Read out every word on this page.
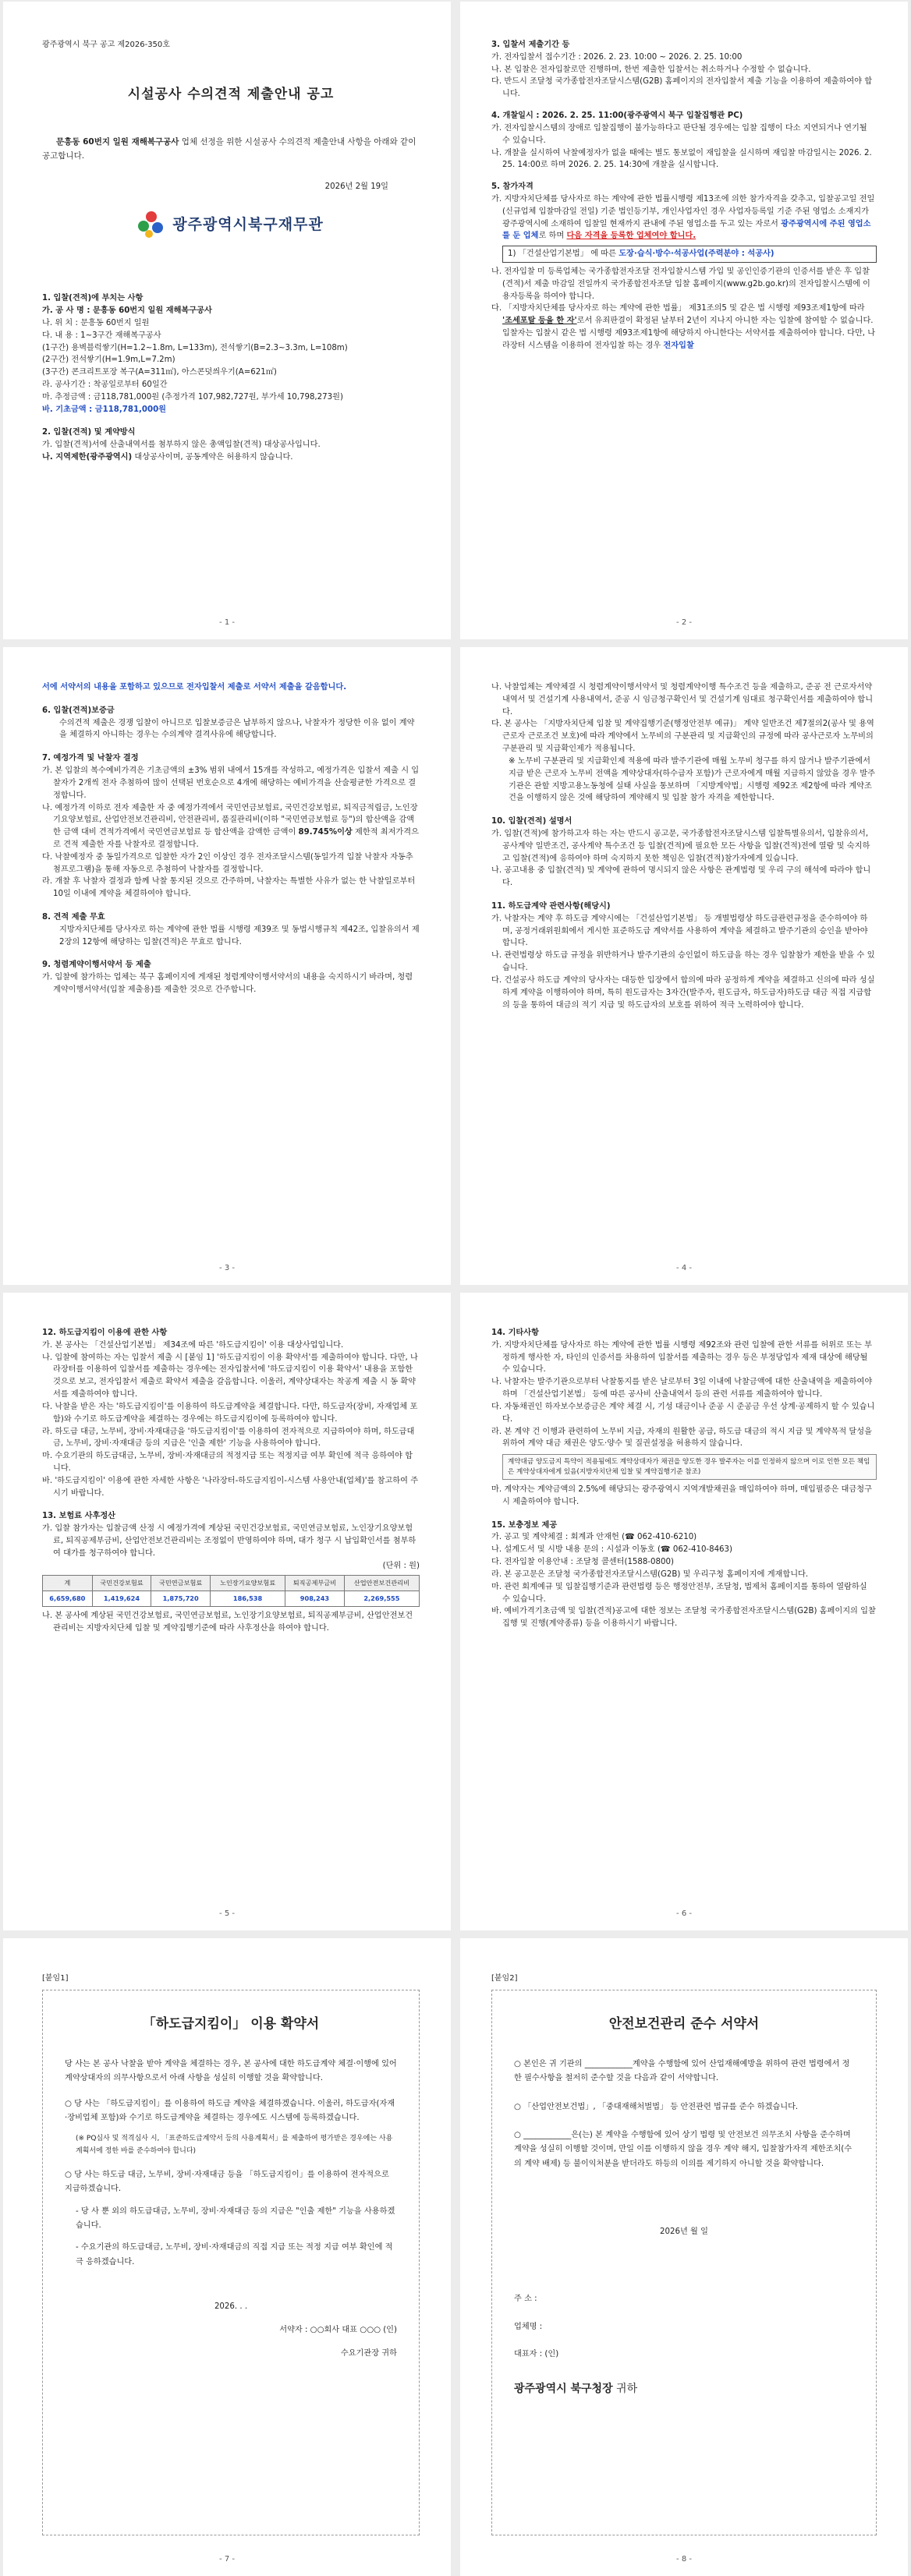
광주광역시 북구 공고 제2026-350호
시설공사 수의견적 제출안내 공고
문흥동 60번지 일원 재해복구공사 업체 선정을 위한 시설공사 수의견적 제출안내 사항을 아래와 같이 공고합니다.
2026년 2월 19일
광주광역시북구재무관
1. 입찰(견적)에 부치는 사항
가. 공 사 명 : 문흥동 60번지 일원 재해복구공사
나. 위 치 : 문흥동 60번지 일원
다. 내 용 : 1~3구간 재해복구공사
(1구간) 용벽블럭쌓기(H=1.2~1.8m, L=133m), 전석쌓기(B=2.3~3.3m, L=108m)
(2구간) 전석쌓기(H=1.9m,L=7.2m)
(3구간) 콘크리트포장 복구(A=311㎡), 아스콘덧씌우기(A=621㎡)
라. 공사기간 : 착공일로부터 60일간
마. 추정금액 : 금118,781,000원 (추정가격 107,982,727원, 부가세 10,798,273원)
바. 기초금액 : 금118,781,000원
2. 입찰(견적) 및 계약방식
가. 입찰(견적)서에 산출내역서를 첨부하지 않은 총액입찰(견적) 대상공사입니다.
나. 지역제한(광주광역시) 대상공사이며, 공동계약은 허용하지 않습니다.
- 1 -
3. 입찰서 제출기간 등
가. 전자입찰서 접수기간 : 2026. 2. 23. 10:00 ~ 2026. 2. 25. 10:00
나. 본 입찰은 전자입찰로만 진행하며, 한번 제출한 입찰서는 취소하거나 수정할 수 없습니다.
다. 반드시 조달청 국가종합전자조달시스템(G2B) 홈페이지의 전자입찰서 제출 기능을 이용하여 제출하여야 합니다.
4. 개찰일시 : 2026. 2. 25. 11:00(광주광역시 북구 입찰집행관 PC)
가. 전자입찰시스템의 장애로 입찰집행이 불가능하다고 판단될 경우에는 입찰 집행이 다소 지연되거나 연기될 수 있습니다.
나. 개찰을 실시하여 낙찰예정자가 없을 때에는 별도 통보없이 재입찰을 실시하며 재입찰 마감일시는 2026. 2. 25. 14:00로 하며 2026. 2. 25. 14:30에 개찰을 실시합니다.
5. 참가자격
가. 지방자치단체를 당사자로 하는 계약에 관한 법률시행령 제13조에 의한 참가자격을 갖추고, 입찰공고일 전일(신규업체 입찰마감일 전일) 기준 법인등기부, 개인사업자인 경우 사업자등록일 기준 주된 영업소 소재지가 광주광역시에 소재하여 입찰일 현재까지 관내에 주된 영업소를 두고 있는 자로서 광주광역시에 주된 영업소를 둔 업체로 하며 다음 자격을 등록한 업체여야 합니다.
1) 「건설산업기본법」 에 따른 도장·습식·방수·석공사업(주력분야 : 석공사)
나. 전자입찰 미 등록업체는 국가종합전자조달 전자입찰시스템 가입 및 공인인증기관의 인증서를 받은 후 입찰(견적)서 제출 마감일 전일까지 국가종합전자조달 입찰 홈페이지(www.g2b.go.kr)의 전자입찰시스템에 이용자등록을 하여야 합니다.
다. 「지방자치단체를 당사자로 하는 계약에 관한 법률」 제31조의5 및 같은 법 시행령 제93조제1항에 따라 '조세포탈 등을 한 자'로서 유죄판결이 확정된 날부터 2년이 지나지 아니한 자는 입찰에 참여할 수 없습니다. 입찰자는 입찰시 같은 법 시행령 제93조제1항에 해당하지 아니한다는 서약서를 제출하여야 합니다. 다만, 나라장터 시스템을 이용하여 전자입찰 하는 경우 전자입찰
- 2 -
서에 서약서의 내용을 포함하고 있으므로 전자입찰서 제출로 서약서 제출을 갈음합니다.
6. 입찰(견적)보증금
수의견적 제출은 경쟁 입찰이 아니므로 입찰보증금은 납부하지 않으나, 낙찰자가 정당한 이유 없이 계약을 체결하지 아니하는 경우는 수의계약 결격사유에 해당합니다.
7. 예정가격 및 낙찰자 결정
가. 본 입찰의 복수예비가격은 기초금액의 ±3% 범위 내에서 15개를 작성하고, 예정가격은 입찰서 제출 시 입찰자가 2개씩 전자 추첨하여 많이 선택된 번호순으로 4개에 해당하는 예비가격을 산술평균한 가격으로 결정합니다.
나. 예정가격 이하로 전자 제출한 자 중 예정가격에서 국민연금보험료, 국민건강보험료, 퇴직금적립금, 노인장기요양보험료, 산업안전보건관리비, 안전관리비, 품질관리비(이하 "국민연금보험료 등")의 합산액을 감액한 금액 대비 견적가격에서 국민연금보험료 등 합산액을 감액한 금액이 89.745%이상 제한적 최저가격으로 견적 제출한 자를 낙찰자로 결정합니다.
다. 낙찰예정자 중 동일가격으로 입찰한 자가 2인 이상인 경우 전자조달시스템(동일가격 입찰 낙찰자 자동추첨프로그램)을 통해 자동으로 추첨하여 낙찰자를 결정합니다.
라. 개찰 후 낙찰자 결정과 함께 낙찰 통지된 것으로 간주하며, 낙찰자는 특별한 사유가 없는 한 낙찰일로부터 10일 이내에 계약을 체결하여야 합니다.
8. 견적 제출 무효
지방자치단체를 당사자로 하는 계약에 관한 법률 시행령 제39조 및 동법시행규칙 제42조, 입찰유의서 제2장의 12항에 해당하는 입찰(견적)은 무효로 합니다.
9. 청렴계약이행서약서 등 제출
가. 입찰에 참가하는 업체는 북구 홈페이지에 게재된 청렴계약이행서약서의 내용을 숙지하시기 바라며, 청렴계약이행서약서(입찰 제출용)를 제출한 것으로 간주합니다.
- 3 -
나. 낙찰업체는 계약체결 시 청렴계약이행서약서 및 청렴계약이행 특수조건 등을 제출하고, 준공 전 근로자서약내역서 및 건설기계 사용내역서, 준공 시 임금청구확인서 및 건설기계 임대료 청구확인서를 제출하여야 합니다.
다. 본 공사는 「지방자치단체 입찰 및 계약집행기준(행정안전부 예규)」 계약 일반조건 제7절의2(공사 및 용역근로자 근로조건 보호)에 따라 계약에서 노무비의 구분관리 및 지급확인의 규정에 따라 공사근로자 노무비의 구분관리 및 지급확인제가 적용됩니다.
※ 노무비 구분관리 및 지급확인제 적용에 따라 발주기관에 매월 노무비 청구를 하지 않거나 발주기관에서 지급 받은 근로자 노무비 전액을 계약상대자(하수급자 포함)가 근로자에게 매월 지급하지 않았을 경우 발주기관은 관할 지방고용노동청에 실태 사실을 통보하며 「지방계약법」시행령 제92조 제2항에 따라 계약조건을 이행하지 않은 것에 해당하여 계약해지 및 입찰 참가 자격을 제한합니다.
10. 입찰(견적) 설명서
가. 입찰(견적)에 참가하고자 하는 자는 반드시 공고문, 국가종합전자조달시스템 입찰특별유의서, 입찰유의서, 공사계약 일반조건, 공사계약 특수조건 등 입찰(견적)에 필요한 모든 사항을 입찰(견적)전에 열람 및 숙지하고 입찰(견적)에 응하여야 하며 숙지하지 못한 책임은 입찰(견적)참가자에게 있습니다.
나. 공고내용 중 입찰(견적) 및 계약에 관하여 명시되지 않은 사항은 관계법령 및 우리 구의 해석에 따라야 합니다.
11. 하도급계약 관련사항(해당시)
가. 낙찰자는 계약 후 하도급 계약시에는 「건설산업기본법」 등 개별법령상 하도급관련규정을 준수하여야 하며, 공정거래위원회에서 게시한 표준하도급 계약서를 사용하여 계약을 체결하고 발주기관의 승인을 받아야 합니다.
나. 관련법령상 하도급 규정을 위반하거나 발주기관의 승인없이 하도급을 하는 경우 입찰참가 제한을 받을 수 있습니다.
다. 건설공사 하도급 계약의 당사자는 대등한 입장에서 합의에 따라 공정하게 계약을 체결하고 신의에 따라 성실하게 계약을 이행하여야 하며, 특히 원도급자는 3자간(발주자, 원도급자, 하도급자)하도급 대금 직접 지급합의 등을 통하여 대금의 적기 지급 및 하도급자의 보호를 위하여 적극 노력하여야 합니다.
- 4 -
12. 하도급지킴이 이용에 관한 사항
가. 본 공사는 「건설산업기본법」 제34조에 따른 '하도급지킴이' 이용 대상사업입니다.
나. 입찰에 참여하는 자는 입찰서 제출 시 [붙임 1] '하도급지킴이 이용 확약서'를 제출하여야 합니다. 다만, 나라장터를 이용하여 입찰서를 제출하는 경우에는 전자입찰서에 '하도급지킴이 이용 확약서' 내용을 포함한 것으로 보고, 전자입찰서 제출로 확약서 제출을 갈음합니다. 이울러, 계약상대자는 착공계 제출 시 동 확약서를 제출하여야 합니다.
다. 낙찰을 받은 자는 '하도급지킴이'를 이용하여 하도급계약을 체결합니다. 다만, 하도급자(장비, 자재업체 포함)와 수기로 하도급계약을 체결하는 경우에는 하도급지킴이에 등록하여야 합니다.
라. 하도급 대금, 노무비, 장비·자재대금을 '하도급지킴이'를 이용하여 전자적으로 지급하여야 하며, 하도급대금, 노무비, 장비·자재대금 등의 지급은 '인출 제한' 기능을 사용하여야 합니다.
마. 수요기관의 하도급대금, 노무비, 장비·자재대금의 적정지급 또는 적정지급 여부 확인에 적극 응하여야 합니다.
바. '하도급지킴이' 이용에 관한 자세한 사항은 '나라장터-하도급지킴이-시스템 사용안내(업체)'를 참고하여 주시기 바랍니다.
13. 보험료 사후정산
가. 입찰 참가자는 입찰금액 산정 시 예정가격에 계상된 국민건강보험료, 국민연금보험료, 노인장기요양보험료, 퇴직공제부금비, 산업안전보건관리비는 조정없이 반영하여야 하며, 대가 청구 시 납입확인서를 첨부하여 대가를 청구하여야 합니다.
(단위 : 원)
계	국민건강보험료	국민연금보험료	노인장기요양보험료	퇴직공제부금비	산업안전보건관리비
6,659,680	1,419,624	1,875,720	186,538	908,243	2,269,555
나. 본 공사에 계상된 국민건강보험료, 국민연금보험료, 노인장기요양보험료, 퇴직공제부금비, 산업안전보건관리비는 지방자치단체 입찰 및 계약집행기준에 따라 사후정산을 하여야 합니다.
- 5 -
14. 기타사항
가. 지방자치단체를 당사자로 하는 계약에 관한 법률 시행령 제92조와 관련 입찰에 관한 서류를 허위로 또는 부정하게 행사한 자, 타인의 인증서를 차용하여 입찰서를 제출하는 경우 등은 부정당업자 제재 대상에 해당될 수 있습니다.
나. 낙찰자는 발주기관으로부터 낙찰통지를 받은 날로부터 3일 이내에 낙찰금액에 대한 산출내역을 제출하여야 하며 「건설산업기본법」 등에 따른 공사비 산출내역서 등의 관련 서류를 제출하여야 합니다.
다. 자동채권인 하자보수보증금은 계약 체결 시, 기성 대금이나 준공 시 준공금 우선 상계·공제하지 할 수 있습니다.
라. 본 계약 건 이행과 관련하여 노무비 지급, 자재의 원활한 공급, 하도급 대금의 적시 지급 및 계약목적 달성을 위하여 계약 대금 채권은 양도·양수 및 질권설정을 허용하지 않습니다.
계약대금 양도금지 특약이 적용됨에도 계약상대자가 채권을 양도한 경우 발주자는 이를 인정하지 않으며 이로 인한 모든 책임은 계약상대자에게 있음(지방자치단체 입찰 및 계약집행기준 참조)
마. 계약자는 계약금액의 2.5%에 해당되는 광주광역시 지역개발채권을 매입하여야 하며, 매입필증은 대금청구 시 제출하여야 합니다.
15. 보충정보 제공
가. 공고 및 계약체결 : 회계과 안재헌 (☎ 062-410-6210)
나. 설계도서 및 시방 내용 문의 : 시설과 이동호 (☎ 062-410-8463)
다. 전자입찰 이용안내 : 조달청 콜센터(1588-0800)
라. 본 공고문은 조달청 국가종합전자조달시스템(G2B) 및 우리구청 홈페이지에 게재합니다.
마. 관련 회계예규 및 입찰집행기준과 관련법령 등은 행정안전부, 조달청, 법제처 홈페이지를 통하여 열람하실 수 있습니다.
바. 예비가격기초금액 및 입찰(견적)공고에 대한 정보는 조달청 국가종합전자조달시스템(G2B) 홈페이지의 입찰집행 및 진행(계약종류) 등을 이용하시기 바랍니다.
- 6 -
[붙임1]
「하도급지킴이」 이용 확약서
당 사는 본 공사 낙찰을 받아 계약을 체결하는 경우, 본 공사에 대한 하도급계약 체결·이행에 있어 계약상대자의 의무사항으로서 아래 사항을 성실히 이행할 것을 확약합니다.
○ 당 사는 「하도급지킴이」를 이용하여 하도급 계약을 체결하겠습니다. 이울러, 하도급자(자재·장비업체 포함)와 수기로 하도급계약을 체결하는 경우에도 시스템에 등록하겠습니다.
(※ PQ심사 및 적격심사 시, 「표준하도급계약서 등의 사용계획서」를 제출하여 평가받은 경우에는 사용계획서에 정한 바를 준수하여야 합니다)
○ 당 사는 하도급 대금, 노무비, 장비·자재대금 등을 「하도급지킴이」를 이용하여 전자적으로 지급하겠습니다.
- 당 사 뿐 외의 하도급대금, 노무비, 장비·자재대금 등의 지급은 "인출 제한" 기능을 사용하겠습니다.
- 수요기관의 하도급대금, 노무비, 장비·자재대금의 직접 지급 또는 적정 지급 여부 확인에 적극 응하겠습니다.
2026. . .
서약자 : ○○회사 대표 ○○○ (인)
수요기관장 귀하
- 7 -
[붙임2]
안전보건관리 준수 서약서
○ 본인은 귀 기관의 ____________계약을 수행함에 있어 산업재해예방을 위하여 관련 법령에서 정한 필수사항을 철저히 준수할 것을 다음과 같이 서약합니다.
○ 「산업안전보건법」, 「중대재해처벌법」 등 안전관련 법규를 준수 하겠습니다.
○ ____________은(는) 본 계약을 수행함에 있어 상기 법령 및 안전보건 의무조치 사항을 준수하며 계약을 성실히 이행할 것이며, 만일 이를 이행하지 않을 경우 계약 해지, 입찰참가자격 제한조치(수의 계약 배제) 등 불이익처분을 받더라도 하등의 이의를 제기하지 아니할 것을 확약합니다.
2026년 월 일
주 소 :
업체명 :
대표자 : (인)
광주광역시 북구청장 귀하
- 8 -
